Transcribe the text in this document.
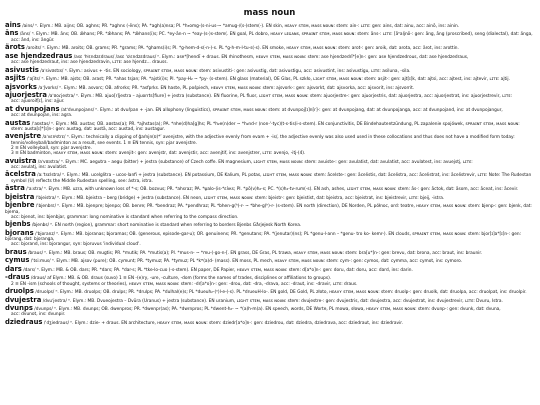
mass noun
ains /ains/ ⁿ. Elym.: MB. aijns; OB. aghns; PR. *aghns (-ēns); PA. *agh(a)nsa; PI. *h₃omg-(s-ni-us-~ *amug-/(s-)stem(-). EN skin, ʜᴇᴀᴠʏ sᴛᴇᴍ, ᴍᴀss ɴᴏᴜɴ: stem: ain-: ʟɪᴛᴇ: gen: ains, dat: ainu, acc: ainō, ins: ainin.
āns /āns/ ⁿ. Elym.: MB. āns; OB. ǣhans; PR. *ǣhans; PA. *ǣhans(i)s; PC. *ey-ān-n ~ *eay-(s-)s-stem(. EN goal, PL dobro, ʜᴇᴀᴠʏ ʟᴇɢᴀɴs, sᴘʀᴀɪɴᴛ sᴛᴇᴍ, ᴍᴀss ɴᴏᴜɴ: stem: āns-: ʟɪᴛᴇ: [āⁿaljnō-: gen: āng, āng (proscribed), seng (dialectal), dat: änga,
acc: ānd, ins: ängür.
ärots /aroits/ ⁿ. Elym.: MB. aroits; OB. grams; PR. *grams; PA. *ghams(i)s; PI. *g-hem-d-s(-n-)-s. PL *g-h-m-l-tu-s(-s). EN smoke, ʜᴇᴀᴠʏ sᴛᴇᴍ, ᴍᴀss ɴᴏᴜɴ: stem: arot-: gen: aroik, dat: arota, acc: ärot, ins: arottin.
ase hjendzedraus /asɛ ˈhʲɛndzɛdraus/ /asɛ ˈɢʲɛndzɛdraus/ ⁿ. Elym.: ase*[hendī + draus. EN rhinothesm, ʜᴇᴀᴠʏ sᴛᴇᴍ, ᴍᴀss ɴᴏᴜɴ: stem: ase hjendzedrī*[e]n-: gen: ase hjendzedrous, dat: ase hjendzedraus,
acc: ase hjendzedraut, ins: ase hjendzedravin, ʟɪᴛᴇ: ase hjendz... drauss.
asivustis /aˈsivʊstɪs/ ⁿ. Elym.: asivus + -tis. EN sociology, sᴘʀᴀɪɴᴛ sᴛᴇᴍ, ᴍᴀss ɴᴏᴜɴ: stem: asivustiti-: gen: asivustig, dat: asivustigu, acc: asivustint, ins: asivustigu, ʟɪᴛᴇ: asiluna, -sila.
asjits /ˈaʃits/ ⁿ. Elym.: MB. ajsts; OB. arast; PR. *ahas tsjan; PA. *ajsti(i)s; PI. *pay-H₂ ~ *py- (s-stem). EN glass (material), OE Glas, PL szkło, ʟɪɢʜᴛ sᴛᴇᴍ, ᴍᴀss ɴᴏᴜɴ: stem: asjit-: gen: ajt[ɪ]k, dat: ajtsi, acc: ajtest, ins: ajtevir, ʟɪᴛᴇ: ajtij.
ajsvorks /aˈʃvorks/ ⁿ. Elym.: MB. asvorc; OB. afrorks; PR. *asfprks. EN haste, PL pośpiech, ʜᴇᴀᴠʏ sᴛᴇᴍ, ᴍᴀss ɴᴏᴜɴ: stem: ajsvork-: gen: ajsvorkt, dat: ajsvorka, acc: ajsvorit, ins: ajsvorrit.
ajuorjestra /aˈʊoɾjestra/ ⁿ. Elym.: MB. ajuo[r]jestra – ajuorrts[fiure] + jestra (substance). EN fluorine, PL fluor, ʟɪɢʜᴛ sᴛᴇᴍ, ᴍᴀss ɴᴏᴜɴ: stem: ajuorjestre-: gen: ajuorjestris, dat: ajuorjestra, acc: ajuorjestrat, ins: ajuorjestrevir, ʟɪᴛᴇ:
acc: ajuoroif[ɪ], ins: ajjur.
at dvunpojans /atˈdvunpojans/ ⁿ. Elym.: at dvuřpan + -jan. EN allophony (linguistics), sᴘʀᴀɪɴᴛ sᴛᴇᴍ, ᴍᴀss ɴᴏᴜɴ: stem: at dvunpoj[ɪ]n[r]-: gen: at dvunpojang, dat: at dvunpojanga, acc: at dvunpojand, ins: at dvunpojangur,
acc: at dvunpojan, ins: agra.
austas /ˈaʊstas/ ⁿ. Elym.: MB. austas; OB. aʊstas(a); PR. *ajhstas(a); PA. *nhe(d)ha[g]hs; PL *h₂e(n)der ~ *h₂nd-r (non-'-tyc)(t-s-tis(i-s-stem(. EN conjunctivitis, DE Bindehautentzündung, PL zapalenie spojówek, sᴘʀᴀɪɴᴛ sᴛᴇᴍ, ᴍᴀss ɴᴏᴜɴ:
stem: austa[ɪ]*[ɪ]n-: gen: austag, dat: austä, acc: austad, ins: austagur.
avenjstre /aˈvɛnʲstrɛ/ ⁿ. Elym.: technically a clipping of g̃aŕnjn(ʊ)*ʹ avenjstre, with the adjective evenly from evam + -is/, the adjective evenly was also used used in these collocations and thus does not have a modified form today:
tennis/volleyball/badminton as a result, see events. 1 ≡ EN tennis, syn: pjar avenjstre.
2 ≡ EN volleyball, syn: pjar avenjstre.
3 ≡ EN badminton, ʜᴇᴀᴠʏ sᴛᴇᴍ, ᴍᴀss ɴᴏᴜɴ: stem: avenjit-: gen: avenjstr, dat: avenjstir, acc: avenjtif, ins: avenjstrer, ʟɪᴛᴇ: avenjo, -itj-(4).
avuistra /aˈvʊɪstra/ ⁿ. Elym.: MC. aegutra – aegu (bitter) + jestra (substance) of Czech coffe. EN magnesium, ʟɪɢʜᴛ sᴛᴇᴍ, ᴍᴀss ɴᴏᴜɴ: stem: avuiste-: gen: avulatist, dat: avulatist, acc: avulatest, ins: avuejstj, ʟɪᴛᴇ:
acc: avulatj, ins: avulatist.
ācelstra /aːˈtsɛlstra/ ⁿ. Elym.: MB. ucelglitra – ucos-lanfi + jestra (substance). EN potassium, DE Kalium, PL potas, ʟɪɢʜᴛ sᴛᴇᴍ, ᴍᴀss ɴᴏᴜɴ: stem: ācelste-: gen: ācelistis, dat: ācelistra, acc: ācelistrat, ins: ācelistrevir, ʟɪᴛᴇ: Note: The Rudestan
symbol (U) reflects the Middle Rudestan spelling, see: ȧstra, istra.
āstra /ˈaːstra/ ⁿ. Elym.: MB. uzra, with unknown loss of *-s; OB. bozvus; PR. *ahsraz; PA. *ψalo-(is-*ɛλκs; PI. *pō(v)h₂-s; PC. *(s)h₂-tv-rum(-s). EN ash, ashes, ʟɪɢʜᴛ sᴛᴇᴍ, ᴍᴀss ɴᴏᴜɴ: stem: ās-: gen: āctok, dat: āsom, acc: āceat, ins: ācevir.
bjeistra /ˈbjeistra/ ⁿ. Elym.: MB. bjeistra – berg (bridge) + jestra (substance). EN neon, ʟɪɢʜᴛ sᴛᴇᴍ, ᴍᴀss ɴᴏᴜɴ: stem: bjeistr-: gen: bjeistist, dat: bjeistra, acc: bjeistrat, ins: bjeistrevir, ʟɪᴛᴇ: bjeij, -istra.
bjenbre /ˈbjenbrɛ/ ⁿ. Elym.: MB. bjenpre; bjenpo; OB. benre; PR. *bendraz; PA. *pendhraz; PL *bhen-g(ʰ)-r- ~ *bhe-g(ʰ)-r- (s-stem). EN north (direction), DE Norden, PL północ, ord: teatre, ʜᴇᴀᴠʏ sᴛᴇᴍ, ᴍᴀss ɴᴏᴜɴ: stem: bjenp-: gen: bjenk, dat: bjema,
acc: bjenot, ins: bjenbjar, grammar: long nominative is standard when referring to the compass direction.
bjenbs /bjenbs/ ⁿ. EN north (region), grammar: short nominative is standard when referring to borders Bjenbs Gårjejesk North Korea.
bjorans /ˈbjoranz/ ⁿ. Elym.: MB. bjoranas; bjoramas; OB. (generous, episode-gar-u); OR. genuinens; PR. *genutans; PA. *(jenutar)(ns); PL *genu-l-ann – *genu- tro ko- kemr-). EN clouds, sᴘʀᴀɪɴᴛ sᴛᴇᴍ, ᴍᴀss ɴᴏᴜɴ: stem: bjor[ɪ]a*[ɪ]n-: gen: bjorang, dat: bjoranga,
acc: bjorand, ins: bjorangur, syn: bjoruvus 'individual cloud'.
braus /braus/ ⁿ. Elym.: MB. braus; OB. mugtis; PR. *mutik; PA. *mutis(a); PI. *mus-n- ~ *mu-(-go-n-[. EN grass, DE Gras, PL trawa, ʜᴇᴀᴠʏ sᴛᴇᴍ, ᴍᴀss ɴᴏᴜɴ: stem: bra[u*]n-: gen: brevu, dat: brona, acc: braut, ins: braunir.
cymus /ˈtsiːmus/ ⁿ. Elym.: MB. ajsov (pure); OB. cymunt; PR. *tymuz; PA. *tymuz; PL *kʷ(a)d- (mass). EN moss, PL mech, ʜᴇᴀᴠʏ sᴛᴇᴍ, ᴍᴀss ɴᴏᴜɴ: stem: cym-: gen: cymos, dat: cymma, acc: cymot, ins: cymoro.
dars /dars/ ⁿ. Elym.: MB. & OB. dars; PR. *dars; PA. *dar-s; PL *tke-lo-cuo (-s-stem). EN paper, DE Papier, ʜᴇᴀᴠʏ sᴛᴇᴍ, ᴍᴀss ɴᴏᴜɴ: stem: d[a*o]n-: gen: doru, dat: doru, acc: dard, ins: darin.
-draus /draus/ af Elym.: MB. & OB. draus (suvo) 1 ≡ EN -(e)ry, -ure, -culture, -dom (forms the names of trades, disciplines or affiliations to groups).
2 ≡ EN -ism (schools of thought, systems or theories), ʜᴇᴀᴠʏ sᴛᴇᴍ, ᴍᴀss ɴᴏᴜɴ: stem: -dr[a*o]n-: gen: -drou, dat: -dra, -drava, acc: -draut, ins: -dravir, ʟɪᴛᴇ: draus.
druolps /druolps/ ⁿ. Elym.: MB. druolps; OB. drulps; PR. *drulps; PA. *dulhal(e)s; PL *dueuh₂-(ᵒ)l-e-(-s). PL *drueuH-lo-. EN gold, DE Gold, PL złoto, ʜᴇᴀᴠʏ sᴛᴇᴍ, ᴍᴀss ɴᴏᴜɴ: stem: druolp-: gen: druolk, dat: druolpa, acc: druolpat, ins: druolpir.
dvujestra /dvuˈjestra/ ⁿ. Elym.: MB. Dvueojestra – Dvūra (Uranus) + jestra (substance). EN uranium, ʟɪɢʜᴛ sᴛᴇᴍ, ᴍᴀss ɴᴏᴜɴ: stem: dvujestre-: gen: dvujestris, dat: dvujestra, acc: dvujestrat, ins: dvujestrevir, ʟɪᴛᴇ: Dvuru, Istra.
dvunps /dvunps/ ⁿ. Elym.: MB. dvunps; OB. dwenpros; PR. *dwenpr(as); PA. *dwrnpros; PL *dwent-h₂- ~ *(a)h-m(a). EN speech, words, DE Worte, PL mowa, słowa, ʜᴇᴀᴠʏ sᴛᴇᴍ, ᴍᴀss ɴᴏᴜɴ: stem: dvunp-: gen: dvunk, dat: dvuna,
acc: dvunot, ins: dvunpir.
dziedraus /ˈdʒiedraus/ ⁿ. Elym.: dzie- + draus. EN architecture, ʜᴇᴀᴠʏ sᴛᴇᴍ, ᴍᴀss ɴᴏᴜɴ: stem: dziedr[a*o]n-: gen: dziedrou, dat: dziedra, dziedrava, acc: dziedraut, ins: dziedravir.
